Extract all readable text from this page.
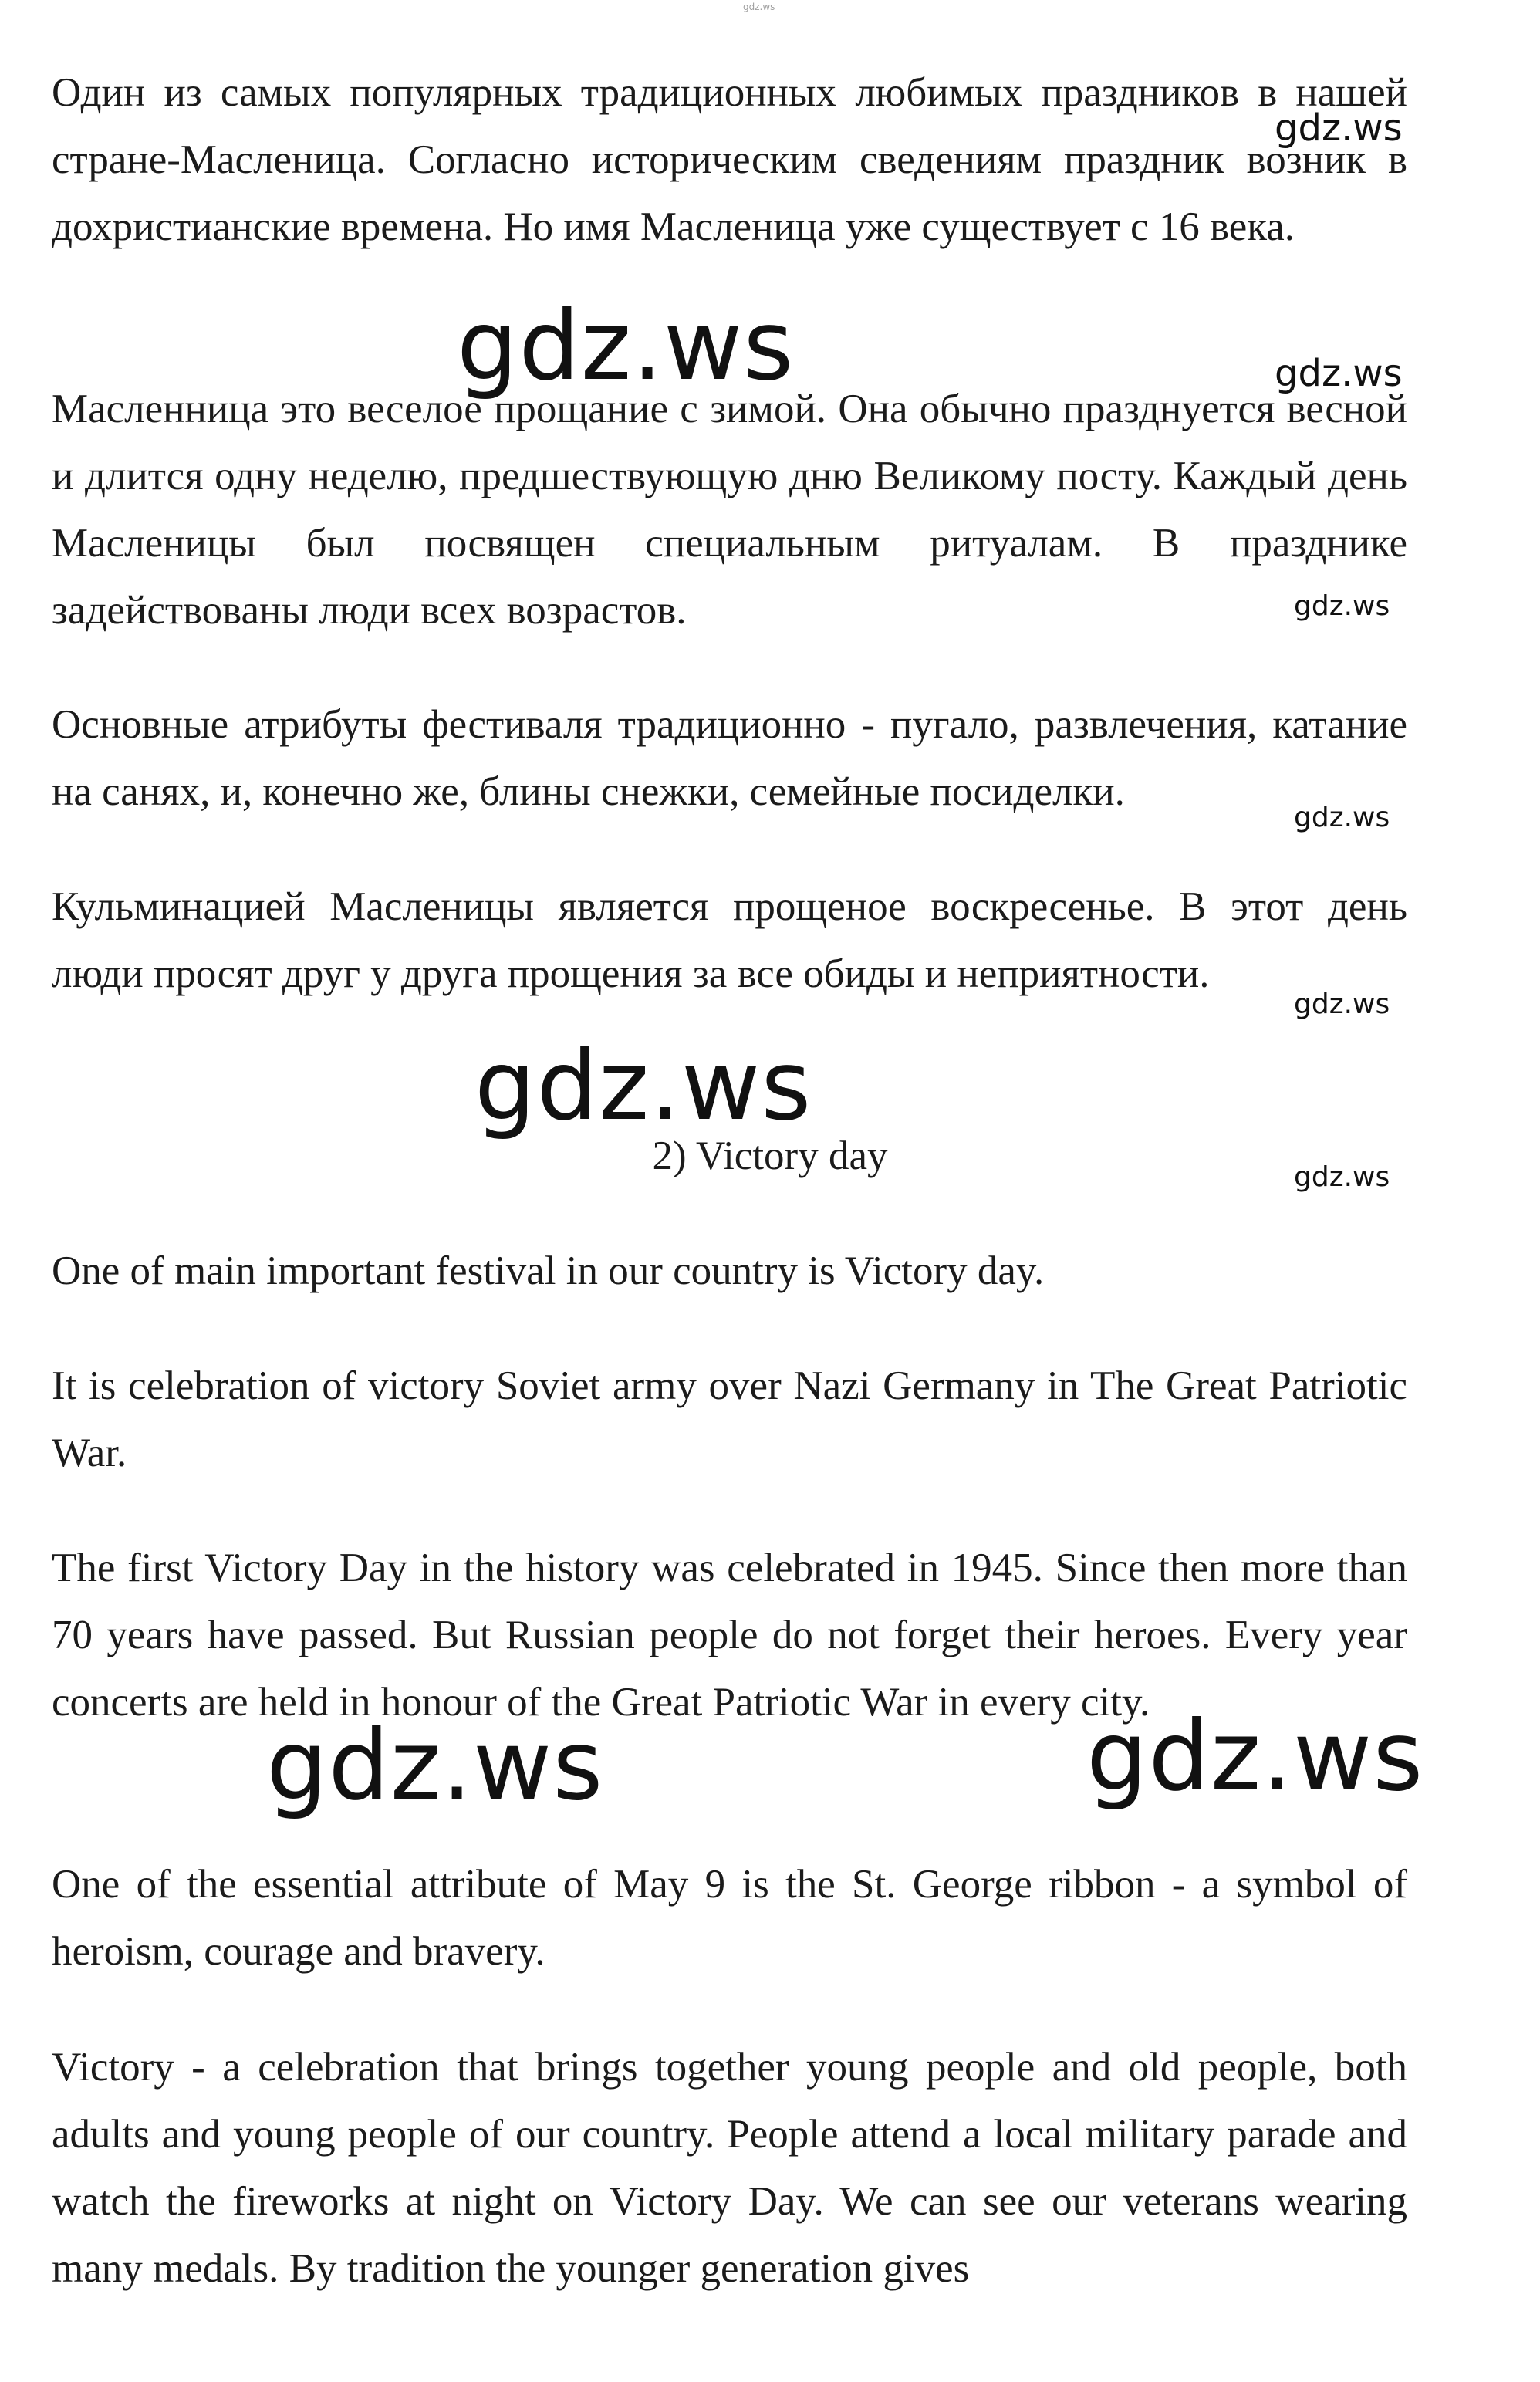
gdz.ws

Один из самых популярных традиционных любимых праздников в нашей стране-Масленица. Согласно историческим сведениям праздник возник в дохристианские времена. Но имя Масленица уже существует с 16 века.

gdz.ws
gdz.ws	gdz.ws

Масленница это веселое прощание с зимой. Она обычно празднуется весной и длится одну неделю, предшествующую дню Великому посту. Каждый день Масленицы был посвящен специальным ритуалам. В празднике задействованы люди всех возрастов.	gdz.ws

Основные атрибуты фестиваля традиционно - пугало, развлечения, катание на санях, и, конечно же, блины снежки, семейные посиделки.

gdz.ws

Кульминацией Масленицы является прощеное воскресенье. В этот день люди просят друг у друга прощения за все обиды и неприятности.

gdz.ws
gdz.ws

2) Victory day	gdz.ws

One of main important festival in our country is Victory day.

It is celebration of victory Soviet army over Nazi Germany in The Great Patriotic War.

The first Victory Day in the history was celebrated in 1945. Since then more than 70 years have passed. But Russian people do not forget their heroes. Every year concerts are held in honour of the Great Patriotic War in every city.

gdz.ws	gdz.ws

One of the essential attribute of May 9 is the St. George ribbon - a symbol of heroism, courage and bravery.

Victory - a celebration that brings together young people and old people, both adults and young people of our country. People attend a local military parade and watch the fireworks at night on Victory Day. We can see our veterans wearing many medals. By tradition the younger generation gives
